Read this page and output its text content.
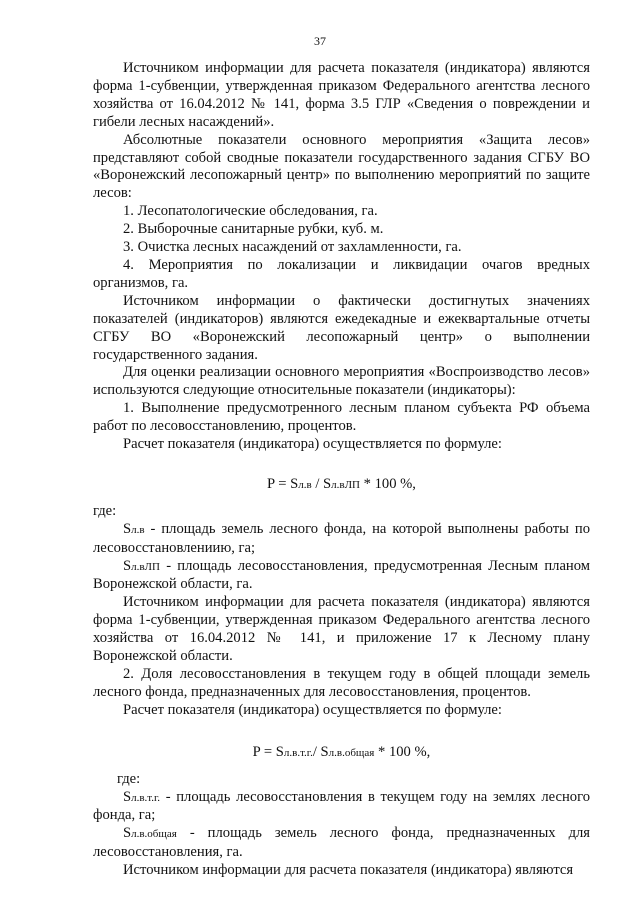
37

Источником информации для расчета показателя (индикатора) являются форма 1-субвенции, утвержденная приказом Федерального агентства лесного хозяйства от 16.04.2012 № 141, форма 3.5 ГЛР «Сведения о повреждении и гибели лесных насаждений».

Абсолютные показатели основного мероприятия «Защита лесов» представляют собой сводные показатели государственного задания СГБУ ВО «Воронежский лесопожарный центр» по выполнению мероприятий по защите лесов:

1. Лесопатологические обследования, га.

2. Выборочные санитарные рубки, куб. м.

3. Очистка лесных насаждений от захламленности, га.

4. Мероприятия по локализации и ликвидации очагов вредных организмов, га.

Источником информации о фактически достигнутых значениях показателей (индикаторов) являются ежедекадные и ежеквартальные отчеты СГБУ ВО «Воронежский лесопожарный центр» о выполнении государственного задания.

Для оценки реализации основного мероприятия «Воспроизводство лесов» используются следующие относительные показатели (индикаторы):

1. Выполнение предусмотренного лесным планом субъекта РФ объема работ по лесовосстановлению, процентов.

Расчет показателя (индикатора) осуществляется по формуле:

P = Sл.в / Sл.вЛП * 100 %,

где:

Sл.в - площадь земель лесного фонда, на которой выполнены работы по лесовосстановлениию, га;

Sл.вЛП - площадь лесовосстановления, предусмотренная Лесным планом Воронежской области, га.

Источником информации для расчета показателя (индикатора) являются форма 1-субвенции, утвержденная приказом Федерального агентства лесного хозяйства от 16.04.2012 № 141, и приложение 17 к Лесному плану Воронежской области.

2. Доля лесовосстановления в текущем году в общей площади земель лесного фонда, предназначенных для лесовосстановления, процентов.

Расчет показателя (индикатора) осуществляется по формуле:

P = Sл.в.т.г./ Sл.в.общая * 100 %,

где:

Sл.в.т.г. - площадь лесовосстановления в текущем году на землях лесного фонда, га;

Sл.в.общая - площадь земель лесного фонда, предназначенных для лесовосстановления, га.

Источником информации для расчета показателя (индикатора) являются
